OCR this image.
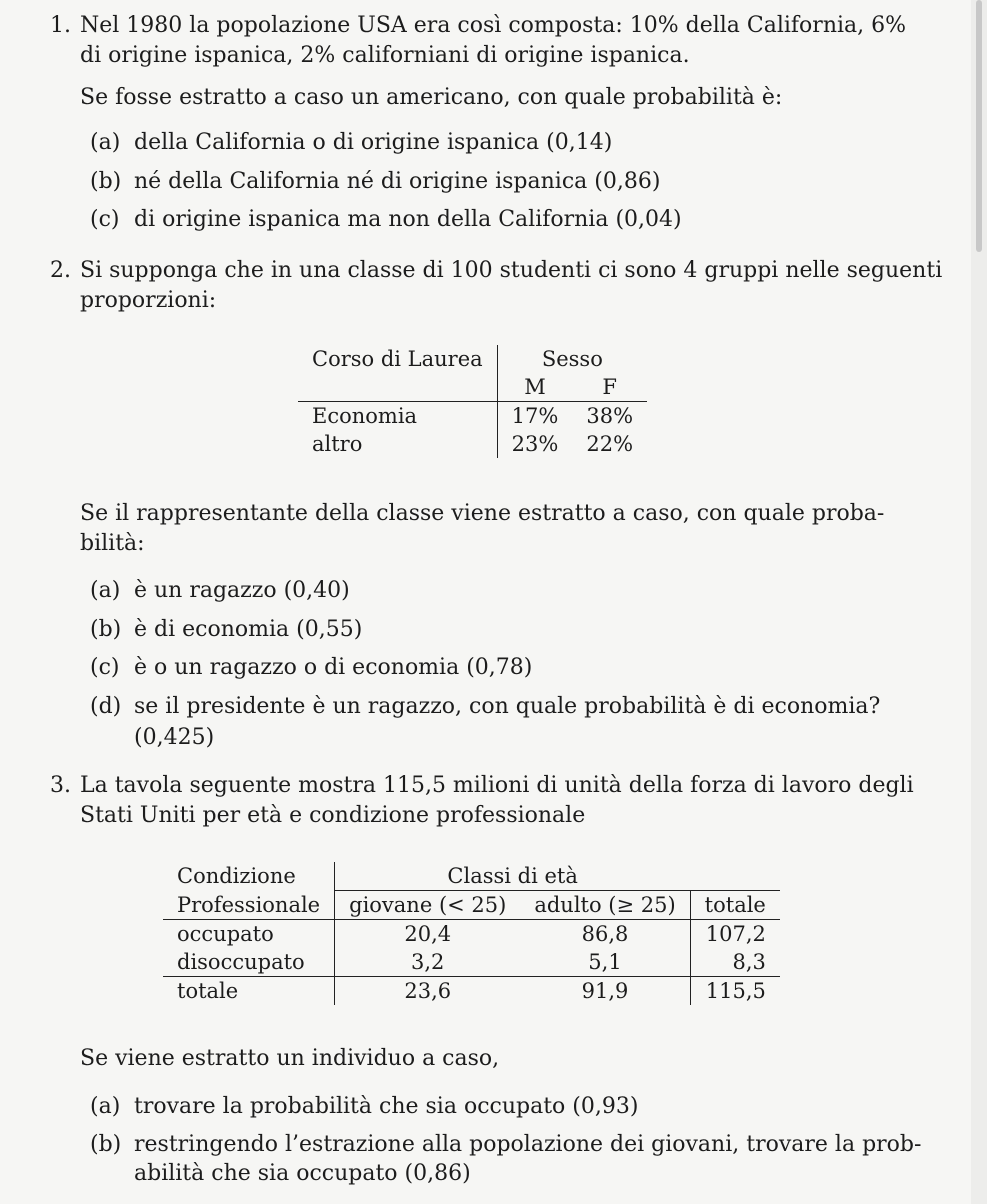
1. Nel 1980 la popolazione USA era così composta: 10% della California, 6%
di origine ispanica, 2% californiani di origine ispanica.
Se fosse estratto a caso un americano, con quale probabilità è:
(a) della California o di origine ispanica (0,14)
(b) né della California né di origine ispanica (0,86)
(c) di origine ispanica ma non della California (0,04)
2. Si supponga che in una classe di 100 studenti ci sono 4 gruppi nelle seguenti
proporzioni:
Corso di Laurea	Sesso	
	M	F
Economia	17%	38%
altro	23%	22%
Se il rappresentante della classe viene estratto a caso, con quale proba-
bilità:
(a) è un ragazzo (0,40)
(b) è di economia (0,55)
(c) è o un ragazzo o di economia (0,78)
(d) se il presidente è un ragazzo, con quale probabilità è di economia?
(0,425)
3. La tavola seguente mostra 115,5 milioni di unità della forza di lavoro degli
Stati Uniti per età e condizione professionale
Condizione	Classi di età		
Professionale	giovane (< 25)	adulto (≥ 25)	totale
occupato	20,4	86,8	107,2
disoccupato	3,2	5,1	8,3
totale	23,6	91,9	115,5
Se viene estratto un individuo a caso,
(a) trovare la probabilità che sia occupato (0,93)
(b) restringendo l’estrazione alla popolazione dei giovani, trovare la prob-
abilità che sia occupato (0,86)
